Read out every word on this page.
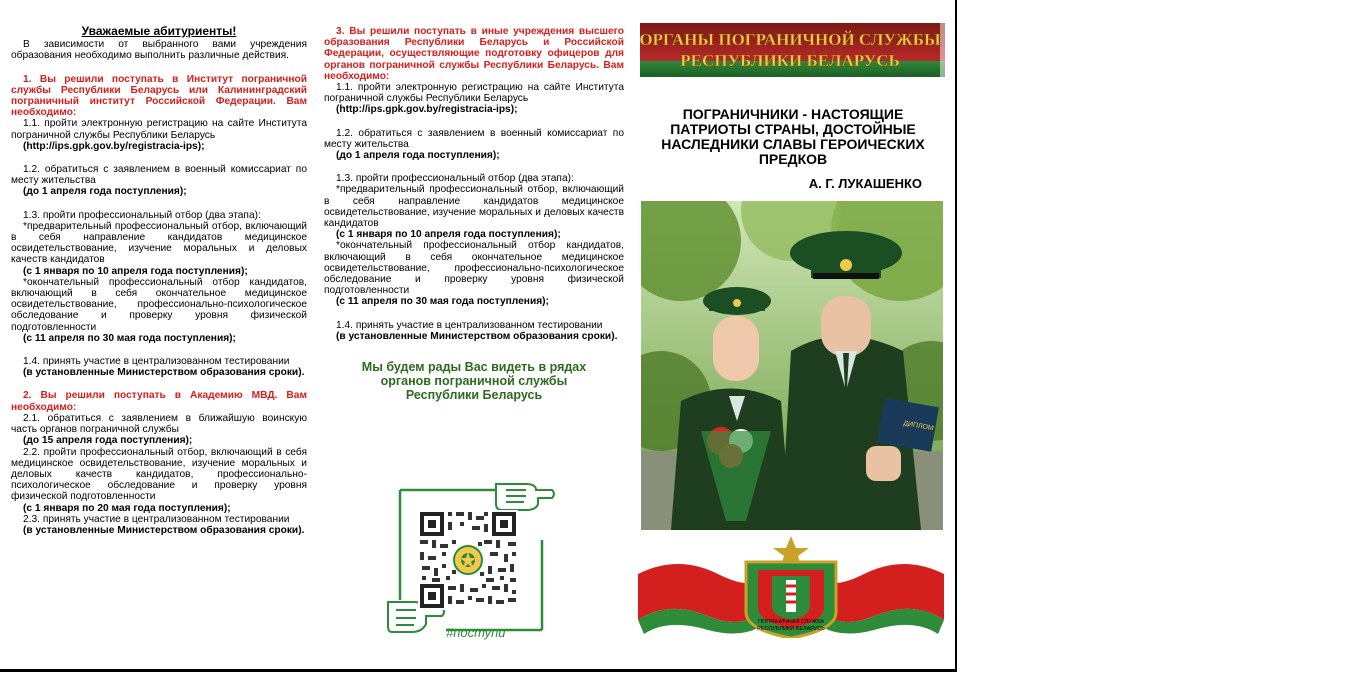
Уважаемые абитуриенты!
В зависимости от выбранного вами учреждения образования необходимо выполнить различные действия.
1. Вы решили поступать в Институт пограничной службы Республики Беларусь или Калининградский пограничный институт Российской Федерации. Вам необходимо:
1.1. пройти электронную регистрацию на сайте Института пограничной службы Республики Беларусь
(http://ips.gpk.gov.by/registracia-ips);
1.2. обратиться с заявлением в военный комиссариат по месту жительства
(до 1 апреля года поступления);
1.3. пройти профессиональный отбор (два этапа):
*предварительный профессиональный отбор, включающий в себя направление кандидатов медицинское освидетельствование, изучение моральных и деловых качеств кандидатов
(с 1 января по 10 апреля года поступления);
*окончательный профессиональный отбор кандидатов, включающий в себя окончательное медицинское освидетельствование, профессионально-психологическое обследование и проверку уровня физической подготовленности
(с 11 апреля по 30 мая года поступления);
1.4. принять участие в централизованном тестировании
(в установленные Министерством образования сроки).
2. Вы решили поступать в Академию МВД. Вам необходимо:
2.1. обратиться с заявлением в ближайшую воинскую часть органов пограничной службы
(до 15 апреля года поступления);
2.2. пройти профессиональный отбор, включающий в себя медицинское освидетельствование, изучение моральных и деловых качеств кандидатов, профессионально-психологическое обследование и проверку уровня физической подготовленности
(с 1 января по 20 мая года поступления);
2.3. принять участие в централизованном тестировании
(в установленные Министерством образования сроки).
3. Вы решили поступать в иные учреждения высшего образования Республики Беларусь и Российской Федерации, осуществляющие подготовку офицеров для органов пограничной службы Республики Беларусь. Вам необходимо:
1.1. пройти электронную регистрацию на сайте Института пограничной службы Республики Беларусь
(http://ips.gpk.gov.by/registracia-ips);
1.2. обратиться с заявлением в военный комиссариат по месту жительства
(до 1 апреля года поступления);
1.3. пройти профессиональный отбор (два этапа):
*предварительный профессиональный отбор, включающий в себя направление кандидатов медицинское освидетельствование, изучение моральных и деловых качеств кандидатов
(с 1 января по 10 апреля года поступления);
*окончательный профессиональный отбор кандидатов, включающий в себя окончательное медицинское освидетельствование, профессионально-психологическое обследование и проверку уровня физической подготовленности
(с 11 апреля по 30 мая года поступления);
1.4. принять участие в централизованном тестировании
(в установленные Министерством образования сроки).
Мы будем рады Вас видеть в рядах
органов пограничной службы
Республики Беларусь
#поступи
ОРГАНЫ ПОГРАНИЧНОЙ СЛУЖБЫ
РЕСПУБЛИКИ БЕЛАРУСЬ
ПОГРАНИЧНИКИ - НАСТОЯЩИЕ ПАТРИОТЫ СТРАНЫ, ДОСТОЙНЫЕ НАСЛЕДНИКИ СЛАВЫ ГЕРОИЧЕСКИХ ПРЕДКОВ
А. Г. ЛУКАШЕНКО
ДИПЛОМ
ПОГРАНИЧНАЯ СЛУЖБА
РЕСПУБЛИКИ БЕЛАРУСЬ
